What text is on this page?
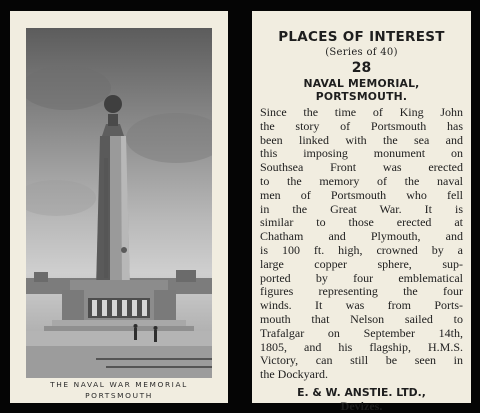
THE NAVAL WAR MEMORIAL
PORTSMOUTH
PLACES OF INTEREST
(Series of 40)
28
NAVAL MEMORIAL,
PORTSMOUTH.
Since the time of King John
the story of Portsmouth has
been linked with the sea and
this imposing monument on
Southsea Front was erected
to the memory of the naval
men of Portsmouth who fell
in the Great War. It is
similar to those erected at
Chatham and Plymouth, and
is 100 ft. high, crowned by a
large copper sphere, sup-
ported by four emblematical
figures representing the four
winds. It was from Ports-
mouth that Nelson sailed to
Trafalgar on September 14th,
1805, and his flagship, H.M.S.
Victory, can still be seen in
the Dockyard.
E. & W. ANSTIE. LTD.,
Devizes.
